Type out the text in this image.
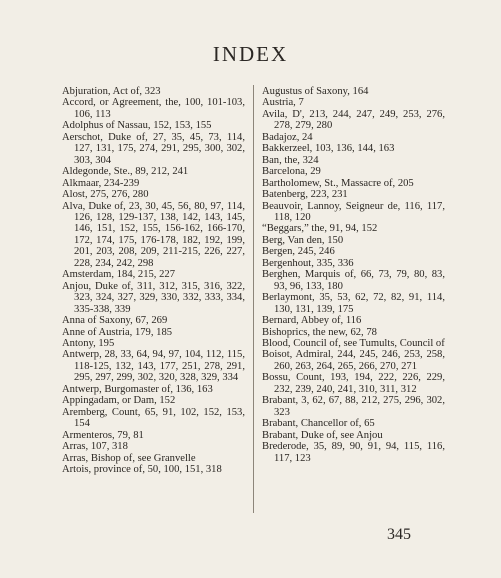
INDEX

Abjuration, Act of, 323

Accord, or Agreement, the, 100, 101-103, 106, 113

Adolphus of Nassau, 152, 153, 155

Aerschot, Duke of, 27, 35, 45, 73, 114, 127, 131, 175, 274, 291, 295, 300, 302, 303, 304

Aldegonde, Ste., 89, 212, 241

Alkmaar, 234-239

Alost, 275, 276, 280

Alva, Duke of, 23, 30, 45, 56, 80, 97, 114, 126, 128, 129-137, 138, 142, 143, 145, 146, 151, 152, 155, 156-162, 166-170, 172, 174, 175, 176-178, 182, 192, 199, 201, 203, 208, 209, 211-215, 226, 227, 228, 234, 242, 298

Amsterdam, 184, 215, 227

Anjou, Duke of, 311, 312, 315, 316, 322, 323, 324, 327, 329, 330, 332, 333, 334, 335-338, 339

Anna of Saxony, 67, 269

Anne of Austria, 179, 185

Antony, 195

Antwerp, 28, 33, 64, 94, 97, 104, 112, 115, 118-125, 132, 143, 177, 251, 278, 291, 295, 297, 299, 302, 320, 328, 329, 334

Antwerp, Burgomaster of, 136, 163

Appingadam, or Dam, 152

Aremberg, Count, 65, 91, 102, 152, 153, 154

Armenteros, 79, 81

Arras, 107, 318

Arras, Bishop of, see Granvelle

Artois, province of, 50, 100, 151, 318

Augustus of Saxony, 164

Austria, 7

Avila, D', 213, 244, 247, 249, 253, 276, 278, 279, 280

Badajoz, 24

Bakkerzeel, 103, 136, 144, 163

Ban, the, 324

Barcelona, 29

Bartholomew, St., Massacre of, 205

Batenberg, 223, 231

Beauvoir, Lannoy, Seigneur de, 116, 117, 118, 120

“Beggars,” the, 91, 94, 152

Berg, Van den, 150

Bergen, 245, 246

Bergenhout, 335, 336

Berghen, Marquis of, 66, 73, 79, 80, 83, 93, 96, 133, 180

Berlaymont, 35, 53, 62, 72, 82, 91, 114, 130, 131, 139, 175

Bernard, Abbey of, 116

Bishoprics, the new, 62, 78

Blood, Council of, see Tumults, Council of

Boisot, Admiral, 244, 245, 246, 253, 258, 260, 263, 264, 265, 266, 270, 271

Bossu, Count, 193, 194, 222, 226, 229, 232, 239, 240, 241, 310, 311, 312

Brabant, 3, 62, 67, 88, 212, 275, 296, 302, 323

Brabant, Chancellor of, 65

Brabant, Duke of, see Anjou

Brederode, 35, 89, 90, 91, 94, 115, 116, 117, 123

345
